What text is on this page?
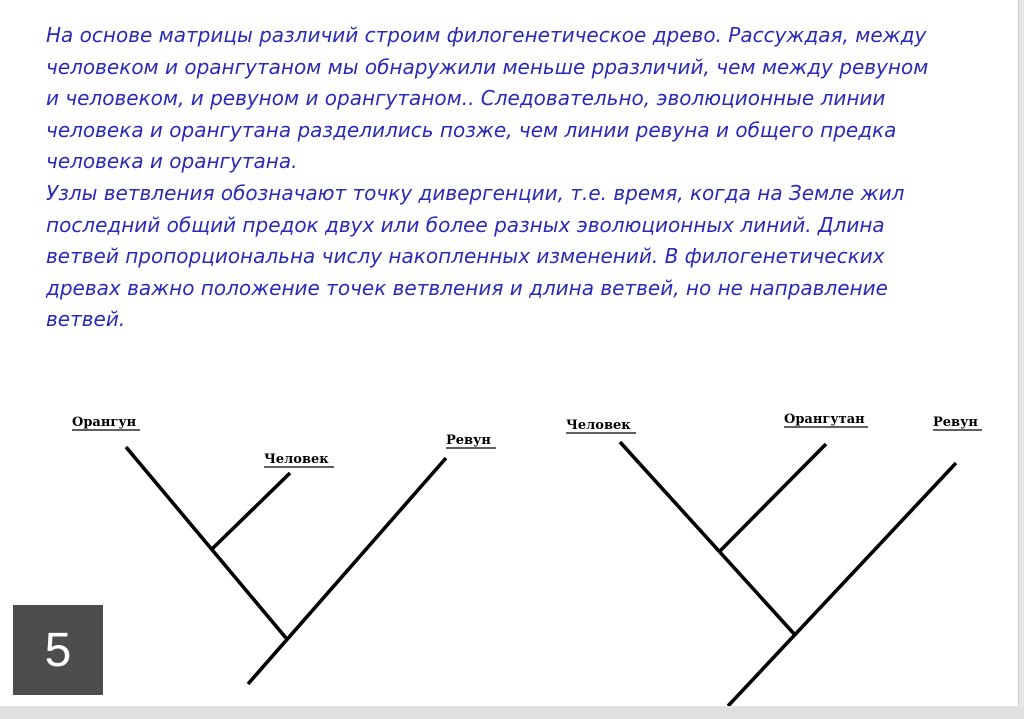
На основе матрицы различий строим филогенетическое древо. Рассуждая, между

человеком и орангутаном мы обнаружили меньше рразличий, чем между ревуном

и человеком, и ревуном и орангутаном.. Следовательно, эволюционные линии

человека и орангутана разделились позже, чем линии ревуна и общего предка

человека и орангутана.

Узлы ветвления обозначают точку дивергенции, т.е. время, когда на Земле жил

последний общий предок двух или более разных эволюционных линий. Длина

ветвей пропорциональна числу накопленных изменений. В филогенетических

древах важно положение точек ветвления и длина ветвей, но не направление

ветвей.

Орангун
Человек
Ревун
Человек	Орангутан	Ревун
5
